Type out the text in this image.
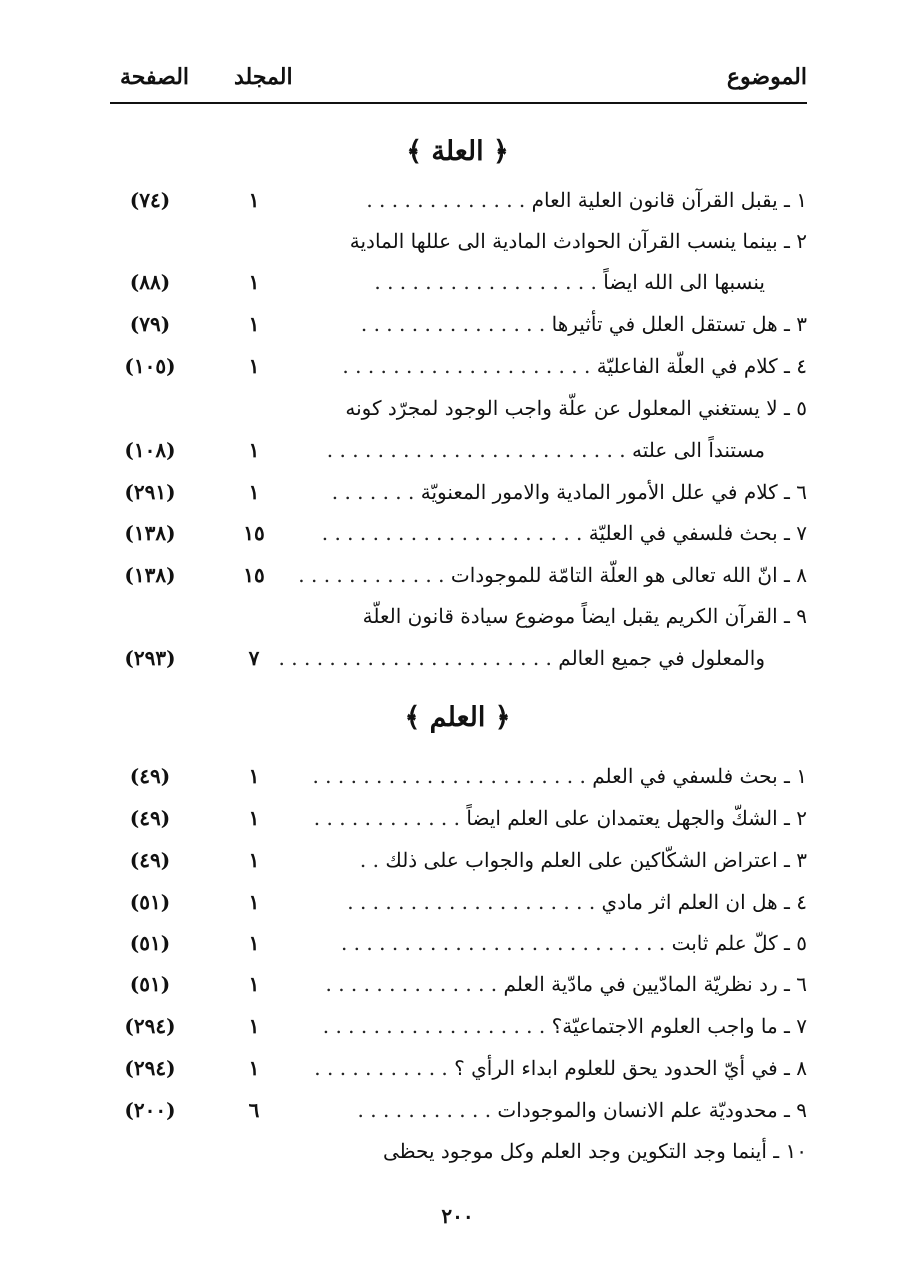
الموضوع
المجلد
الصفحة
﴿ العلة ﴾
١ ـ يقبل القرآن قانون العلية العام . . . . . . . . . . . . .
١
(٧٤)
٢ ـ بينما ينسب القرآن الحوادث المادية الى عللها المادية
ينسبها الى الله ايضاً . . . . . . . . . . . . . . . . . .
١
(٨٨)
٣ ـ هل تستقل العلل في تأثيرها . . . . . . . . . . . . . . .
١
(٧٩)
٤ ـ كلام في العلّة الفاعليّة . . . . . . . . . . . . . . . . . . . .
١
(١٠٥)
٥ ـ لا يستغني المعلول عن علّة واجب الوجود لمجرّد كونه
مستنداً الى علته . . . . . . . . . . . . . . . . . . . . . . . .
١
(١٠٨)
٦ ـ كلام في علل الأمور المادية والامور المعنويّة . . . . . . .
١
(٢٩١)
٧ ـ بحث فلسفي في العليّة . . . . . . . . . . . . . . . . . . . . .
١٥
(١٣٨)
٨ ـ انّ الله تعالى هو العلّة التامّة للموجودات . . . . . . . . . . . .
١٥
(١٣٨)
٩ ـ القرآن الكريم يقبل ايضاً موضوع سيادة قانون العلّة
والمعلول في جميع العالم . . . . . . . . . . . . . . . . . . . . . .
٧
(٢٩٣)
﴿ العلم ﴾
١ ـ بحث فلسفي في العلم . . . . . . . . . . . . . . . . . . . . . .
١
(٤٩)
٢ ـ الشكّ والجهل يعتمدان على العلم ايضاً . . . . . . . . . . . .
١
(٤٩)
٣ ـ اعتراض الشكّاكين على العلم والجواب على ذلك . .
١
(٤٩)
٤ ـ هل ان العلم اثر مادي . . . . . . . . . . . . . . . . . . . .
١
(٥١)
٥ ـ كلّ علم ثابت . . . . . . . . . . . . . . . . . . . . . . . . . .
١
(٥١)
٦ ـ رد نظريّة المادّيين في مادّية العلم . . . . . . . . . . . . . .
١
(٥١)
٧ ـ ما واجب العلوم الاجتماعيّة؟ . . . . . . . . . . . . . . . . . .
١
(٢٩٤)
٨ ـ في أيّ الحدود يحق للعلوم ابداء الرأي ؟ . . . . . . . . . . .
١
(٢٩٤)
٩ ـ محدوديّة علم الانسان والموجودات . . . . . . . . . . .
٦
(٢٠٠)
١٠ ـ أينما وجد التكوين وجد العلم وكل موجود يحظى
٢٠٠
